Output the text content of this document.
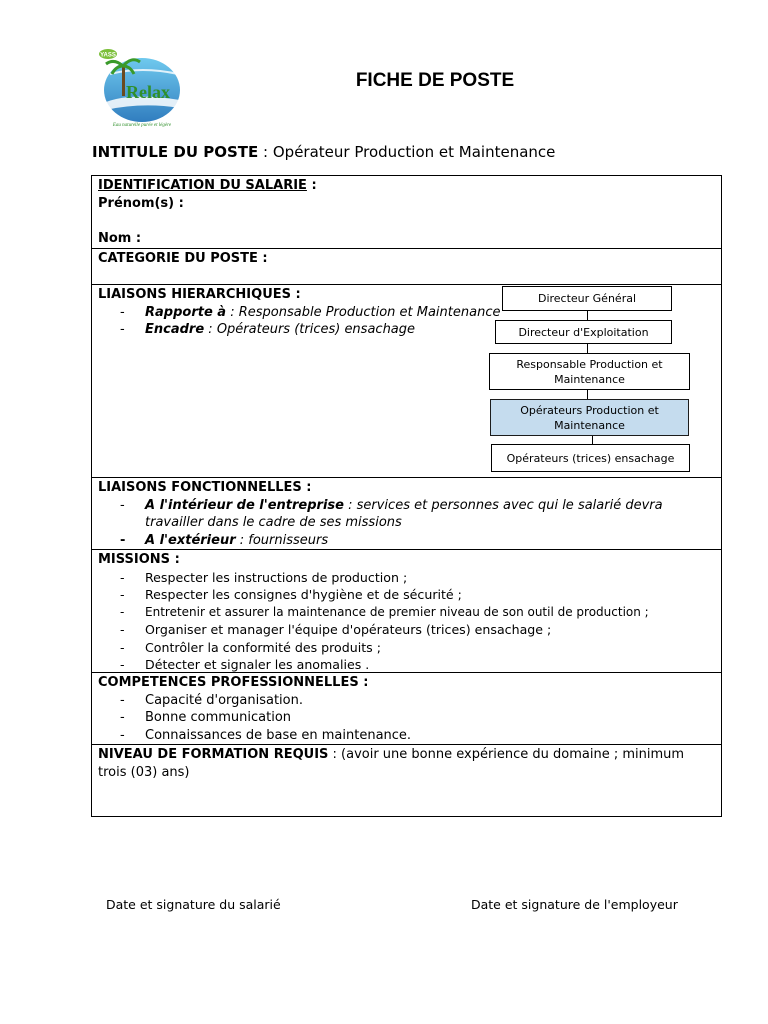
YASS
Relax
Eau naturelle purée et légère
FICHE DE POSTE
INTITULE DU POSTE : Opérateur Production et Maintenance
IDENTIFICATION DU SALARIE :
Prénom(s) :
Nom :
CATEGORIE DU POSTE :
LIAISONS HIERARCHIQUES :
- Rapporte à : Responsable Production et Maintenance
- Encadre : Opérateurs (trices) ensachage
Directeur Général
Directeur d'Exploitation
Responsable Production et Maintenance
Opérateurs Production et Maintenance
Opérateurs (trices) ensachage
LIAISONS FONCTIONNELLES :
- A l'intérieur de l'entreprise : services et personnes avec qui le salarié devra travailler dans le cadre de ses missions
- A l'extérieur : fournisseurs
MISSIONS :
- Respecter les instructions de production ;
- Respecter les consignes d'hygiène et de sécurité ;
- Entretenir et assurer la maintenance de premier niveau de son outil de production ;
- Organiser et manager l'équipe d'opérateurs (trices) ensachage ;
- Contrôler la conformité des produits ;
- Détecter et signaler les anomalies .
COMPETENCES PROFESSIONNELLES :
- Capacité d'organisation.
- Bonne communication
- Connaissances de base en maintenance.
NIVEAU DE FORMATION REQUIS : (avoir une bonne expérience du domaine ; minimum trois (03) ans)
Date et signature du salarié	Date et signature de l'employeur
